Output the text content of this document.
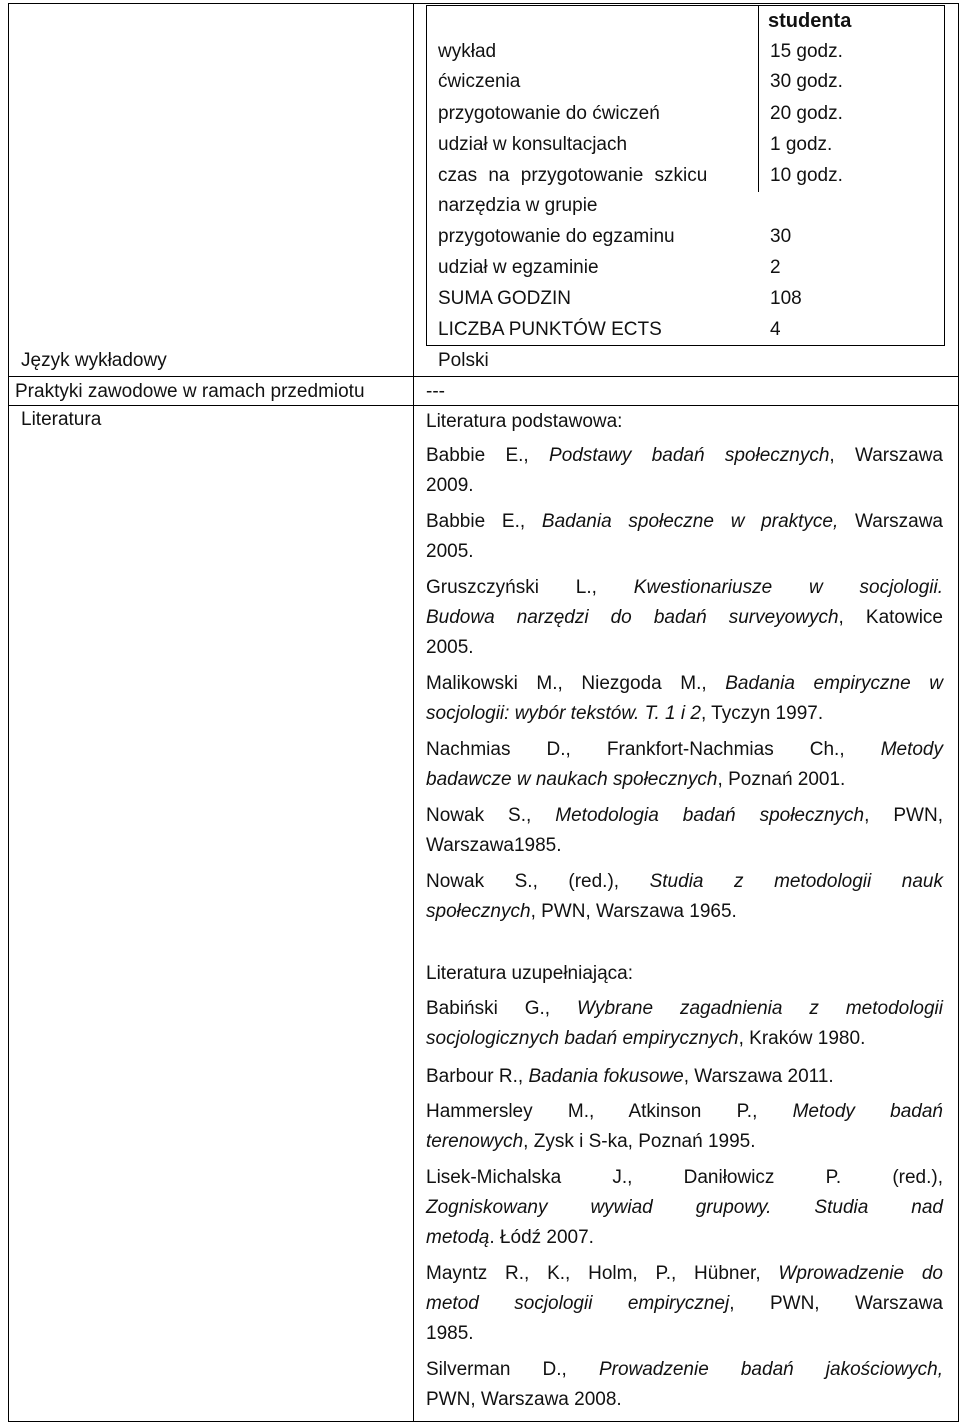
studenta
wykład	15 godz.
ćwiczenia	30 godz.
przygotowanie do ćwiczeń	20 godz.
udział w konsultacjach	1 godz.
czas na przygotowanie szkicu	10 godz.
narzędzia w grupie
przygotowanie do egzaminu	30
udział w egzaminie	2
SUMA GODZIN	108
LICZBA PUNKTÓW ECTS	4
Język wykładowy	Polski
Praktyki zawodowe w ramach przedmiotu	---
Literatura	Literatura podstawowa:
Babbie E., Podstawy badań społecznych, Warszawa
2009.
Babbie E., Badania społeczne w praktyce, Warszawa
2005.
Gruszczyński L., Kwestionariusze w socjologii.
Budowa narzędzi do badań surveyowych, Katowice
2005.
Malikowski M., Niezgoda M., Badania empiryczne w
socjologii: wybór tekstów. T. 1 i 2, Tyczyn 1997.
Nachmias D., Frankfort-Nachmias Ch., Metody
badawcze w naukach społecznych, Poznań 2001.
Nowak S., Metodologia badań społecznych, PWN,
Warszawa1985.
Nowak S., (red.), Studia z metodologii nauk
społecznych, PWN, Warszawa 1965.
Literatura uzupełniająca:
Babiński G., Wybrane zagadnienia z metodologii
socjologicznych badań empirycznych, Kraków 1980.
Barbour R., Badania fokusowe, Warszawa 2011.
Hammersley M., Atkinson P., Metody badań
terenowych, Zysk i S-ka, Poznań 1995.
Lisek-Michalska J., Daniłowicz P. (red.),
Zogniskowany wywiad grupowy. Studia nad
metodą. Łódź 2007.
Mayntz R., K., Holm, P., Hübner, Wprowadzenie do
metod socjologii empirycznej, PWN, Warszawa
1985.
Silverman D., Prowadzenie badań jakościowych,
PWN, Warszawa 2008.
